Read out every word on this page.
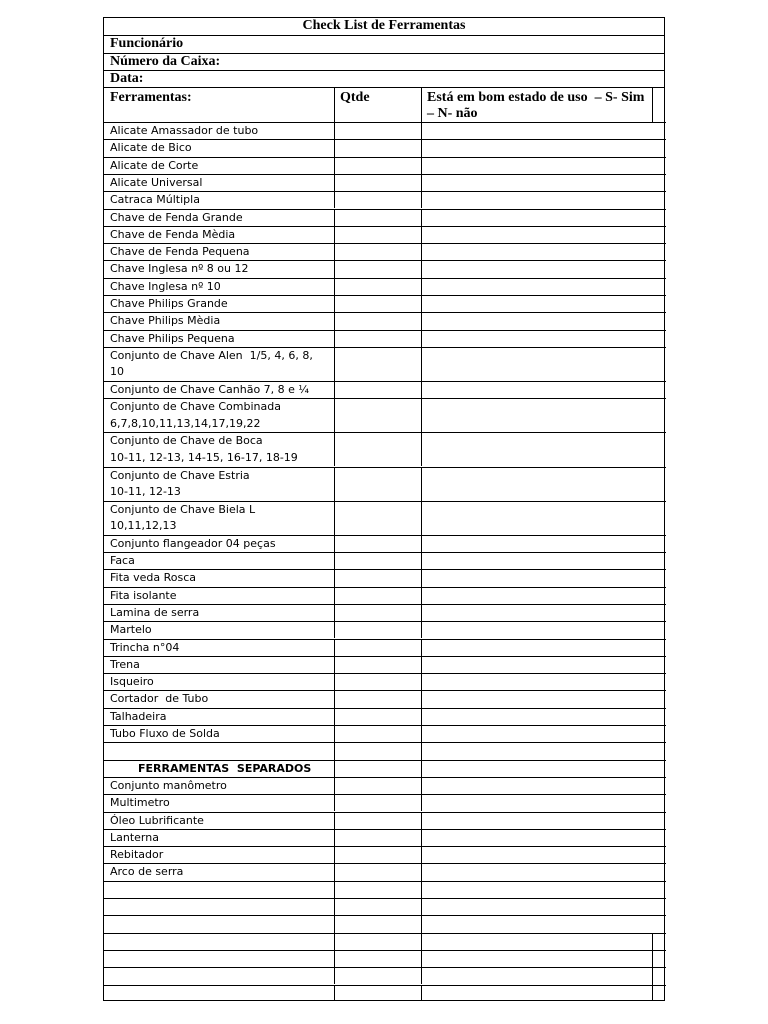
Check List de Ferramentas
Funcionário
Número da Caixa:
Data:
Ferramentas:	Qtde	Está em bom estado de uso  – S- Sim – N- não
Alicate Amassador de tubo
Alicate de Bico
Alicate de Corte
Alicate Universal
Catraca Múltipla
Chave de Fenda Grande
Chave de Fenda Mèdia
Chave de Fenda Pequena
Chave Inglesa nº 8 ou 12
Chave Inglesa nº 10
Chave Philips Grande
Chave Philips Mèdia
Chave Philips Pequena
Conjunto de Chave Alen  1/5, 4, 6, 8,
10
Conjunto de Chave Canhão 7, 8 e ¼
Conjunto de Chave Combinada
6,7,8,10,11,13,14,17,19,22
Conjunto de Chave de Boca
10-11, 12-13, 14-15, 16-17, 18-19
Conjunto de Chave Estria
10-11, 12-13
Conjunto de Chave Biela L
10,11,12,13
Conjunto flangeador 04 peças
Faca
Fita veda Rosca
Fita isolante
Lamina de serra
Martelo
Trincha n°04
Trena
Isqueiro
Cortador  de Tubo
Talhadeira
Tubo Fluxo de Solda
FERRAMENTAS  SEPARADOS
Conjunto manômetro
Multimetro
Óleo Lubrificante
Lanterna
Rebitador
Arco de serra
